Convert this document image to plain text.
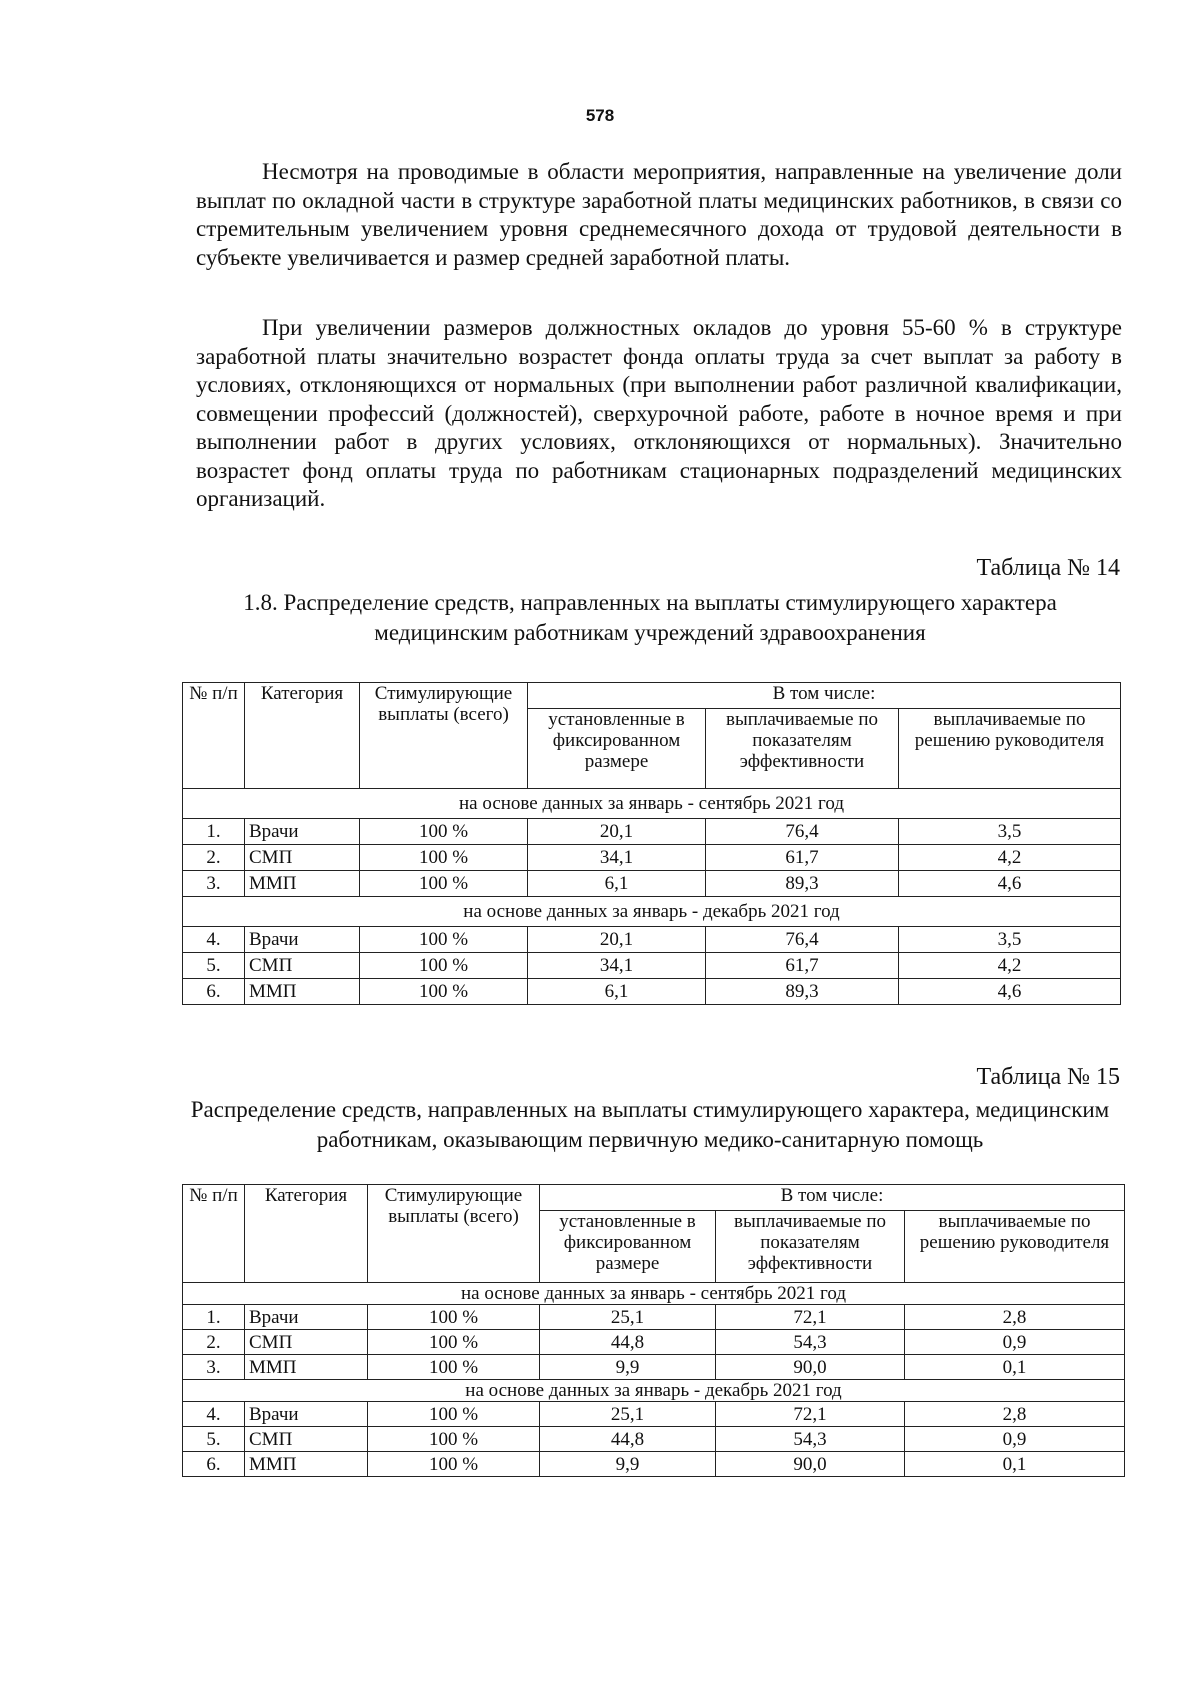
578

Несмотря на проводимые в области мероприятия, направленные на увеличение доли выплат по окладной части в структуре заработной платы медицинских работников, в связи со стремительным увеличением уровня среднемесячного дохода от трудовой деятельности в субъекте увеличивается и размер средней заработной платы.

При увеличении размеров должностных окладов до уровня 55-60 % в структуре заработной платы значительно возрастет фонда оплаты труда за счет выплат за работу в условиях, отклоняющихся от нормальных (при выполнении работ различной квалификации, совмещении профессий (должностей), сверхурочной работе, работе в ночное время и при выполнении работ в других условиях, отклоняющихся от нормальных). Значительно возрастет фонд оплаты труда по работникам стационарных подразделений медицинских организаций.

Таблица № 14
1.8. Распределение средств, направленных на выплаты стимулирующего характера медицинским работникам учреждений здравоохранения
№ п/п	Категория	Стимулирующие выплаты (всего)	В том числе:		
			установленные в фиксированном размере	выплачиваемые по показателям эффективности	выплачиваемые по решению руководителя
на основе данных за январь - сентябрь 2021 год					
1.	Врачи	100 %	20,1	76,4	3,5
2.	СМП	100 %	34,1	61,7	4,2
3.	ММП	100 %	6,1	89,3	4,6
на основе данных за январь - декабрь 2021 год					
4.	Врачи	100 %	20,1	76,4	3,5
5.	СМП	100 %	34,1	61,7	4,2
6.	ММП	100 %	6,1	89,3	4,6
Таблица № 15
Распределение средств, направленных на выплаты стимулирующего характера, медицинским работникам, оказывающим первичную медико-санитарную помощь
№ п/п	Категория	Стимулирующие выплаты (всего)	В том числе:		
			установленные в фиксированном размере	выплачиваемые по показателям эффективности	выплачиваемые по решению руководителя
на основе данных за январь - сентябрь 2021 год					
1.	Врачи	100 %	25,1	72,1	2,8
2.	СМП	100 %	44,8	54,3	0,9
3.	ММП	100 %	9,9	90,0	0,1
на основе данных за январь - декабрь 2021 год					
4.	Врачи	100 %	25,1	72,1	2,8
5.	СМП	100 %	44,8	54,3	0,9
6.	ММП	100 %	9,9	90,0	0,1
